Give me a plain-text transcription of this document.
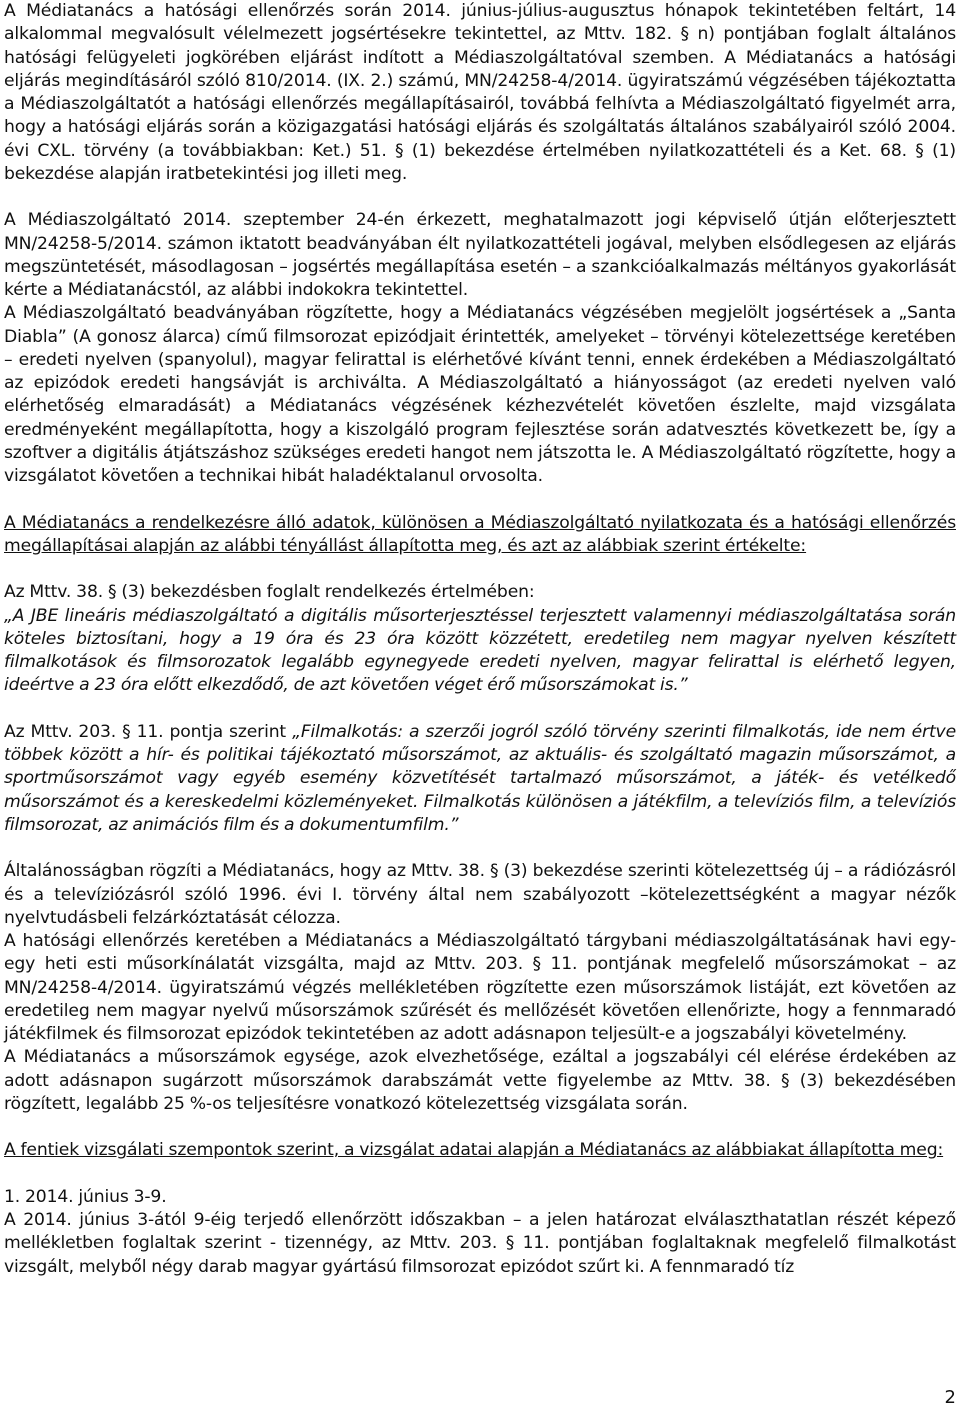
A Médiatanács a hatósági ellenőrzés során 2014. június-július-augusztus hónapok tekintetében feltárt, 14 alkalommal megvalósult vélelmezett jogsértésekre tekintettel, az Mttv. 182. § n) pontjában foglalt általános hatósági felügyeleti jogkörében eljárást indított a Médiaszolgáltatóval szemben. A Médiatanács a hatósági eljárás megindításáról szóló 810/2014. (IX. 2.) számú, MN/24258-4/2014. ügyiratszámú végzésében tájékoztatta a Médiaszolgáltatót a hatósági ellenőrzés megállapításairól, továbbá felhívta a Médiaszolgáltató figyelmét arra, hogy a hatósági eljárás során a közigazgatási hatósági eljárás és szolgáltatás általános szabályairól szóló 2004. évi CXL. törvény (a továbbiakban: Ket.) 51. § (1) bekezdése értelmében nyilatkozattételi és a Ket. 68. § (1) bekezdése alapján iratbetekintési jog illeti meg.

A Médiaszolgáltató 2014. szeptember 24-én érkezett, meghatalmazott jogi képviselő útján előterjesztett MN/24258-5/2014. számon iktatott beadványában élt nyilatkozattételi jogával, melyben elsődlegesen az eljárás megszüntetését, másodlagosan – jogsértés megállapítása esetén – a szankcióalkalmazás méltányos gyakorlását kérte a Médiatanácstól, az alábbi indokokra tekintettel.

A Médiaszolgáltató beadványában rögzítette, hogy a Médiatanács végzésében megjelölt jogsértések a „Santa Diabla” (A gonosz álarca) című filmsorozat epizódjait érintették, amelyeket – törvényi kötelezettsége keretében – eredeti nyelven (spanyolul), magyar felirattal is elérhetővé kívánt tenni, ennek érdekében a Médiaszolgáltató az epizódok eredeti hangsávját is archiválta. A Médiaszolgáltató a hiányosságot (az eredeti nyelven való elérhetőség elmaradását) a Médiatanács végzésének kézhezvételét követően észlelte, majd vizsgálata eredményeként megállapította, hogy a kiszolgáló program fejlesztése során adatvesztés következett be, így a szoftver a digitális átjátszáshoz szükséges eredeti hangot nem játszotta le. A Médiaszolgáltató rögzítette, hogy a vizsgálatot követően a technikai hibát haladéktalanul orvosolta.

A Médiatanács a rendelkezésre álló adatok, különösen a Médiaszolgáltató nyilatkozata és a hatósági ellenőrzés megállapításai alapján az alábbi tényállást állapította meg, és azt az alábbiak szerint értékelte:

Az Mttv. 38. § (3) bekezdésben foglalt rendelkezés értelmében:

„A JBE lineáris médiaszolgáltató a digitális műsorterjesztéssel terjesztett valamennyi médiaszolgáltatása során köteles biztosítani, hogy a 19 óra és 23 óra között közzétett, eredetileg nem magyar nyelven készített filmalkotások és filmsorozatok legalább egynegyede eredeti nyelven, magyar felirattal is elérhető legyen, ideértve a 23 óra előtt elkezdődő, de azt követően véget érő műsorszámokat is.”

Az Mttv. 203. § 11. pontja szerint „Filmalkotás: a szerzői jogról szóló törvény szerinti filmalkotás, ide nem értve többek között a hír- és politikai tájékoztató műsorszámot, az aktuális- és szolgáltató magazin műsorszámot, a sportműsorszámot vagy egyéb esemény közvetítését tartalmazó műsorszámot, a játék- és vetélkedő műsorszámot és a kereskedelmi közleményeket. Filmalkotás különösen a játékfilm, a televíziós film, a televíziós filmsorozat, az animációs film és a dokumentumfilm.”

Általánosságban rögzíti a Médiatanács, hogy az Mttv. 38. § (3) bekezdése szerinti kötelezettség új – a rádiózásról és a televíziózásról szóló 1996. évi I. törvény által nem szabályozott –kötelezettségként a magyar nézők nyelvtudásbeli felzárkóztatását célozza.

A hatósági ellenőrzés keretében a Médiatanács a Médiaszolgáltató tárgybani médiaszolgáltatásának havi egy-egy heti esti műsorkínálatát vizsgálta, majd az Mttv. 203. § 11. pontjának megfelelő műsorszámokat – az MN/24258-4/2014. ügyiratszámú végzés mellékletében rögzítette ezen műsorszámok listáját, ezt követően az eredetileg nem magyar nyelvű műsorszámok szűrését és mellőzését követően ellenőrizte, hogy a fennmaradó játékfilmek és filmsorozat epizódok tekintetében az adott adásnapon teljesült-e a jogszabályi követelmény.

A Médiatanács a műsorszámok egysége, azok elvezhetősége, ezáltal a jogszabályi cél elérése érdekében az adott adásnapon sugárzott műsorszámok darabszámát vette figyelembe az Mttv. 38. § (3) bekezdésében rögzített, legalább 25 %-os teljesítésre vonatkozó kötelezettség vizsgálata során.

A fentiek vizsgálati szempontok szerint, a vizsgálat adatai alapján a Médiatanács az alábbiakat állapította meg:

1. 2014. június 3-9.

A 2014. június 3-ától 9-éig terjedő ellenőrzött időszakban – a jelen határozat elválaszthatatlan részét képező mellékletben foglaltak szerint - tizennégy, az Mttv. 203. § 11. pontjában foglaltaknak megfelelő filmalkotást vizsgált, melyből négy darab magyar gyártású filmsorozat epizódot szűrt ki. A fennmaradó tíz

2
